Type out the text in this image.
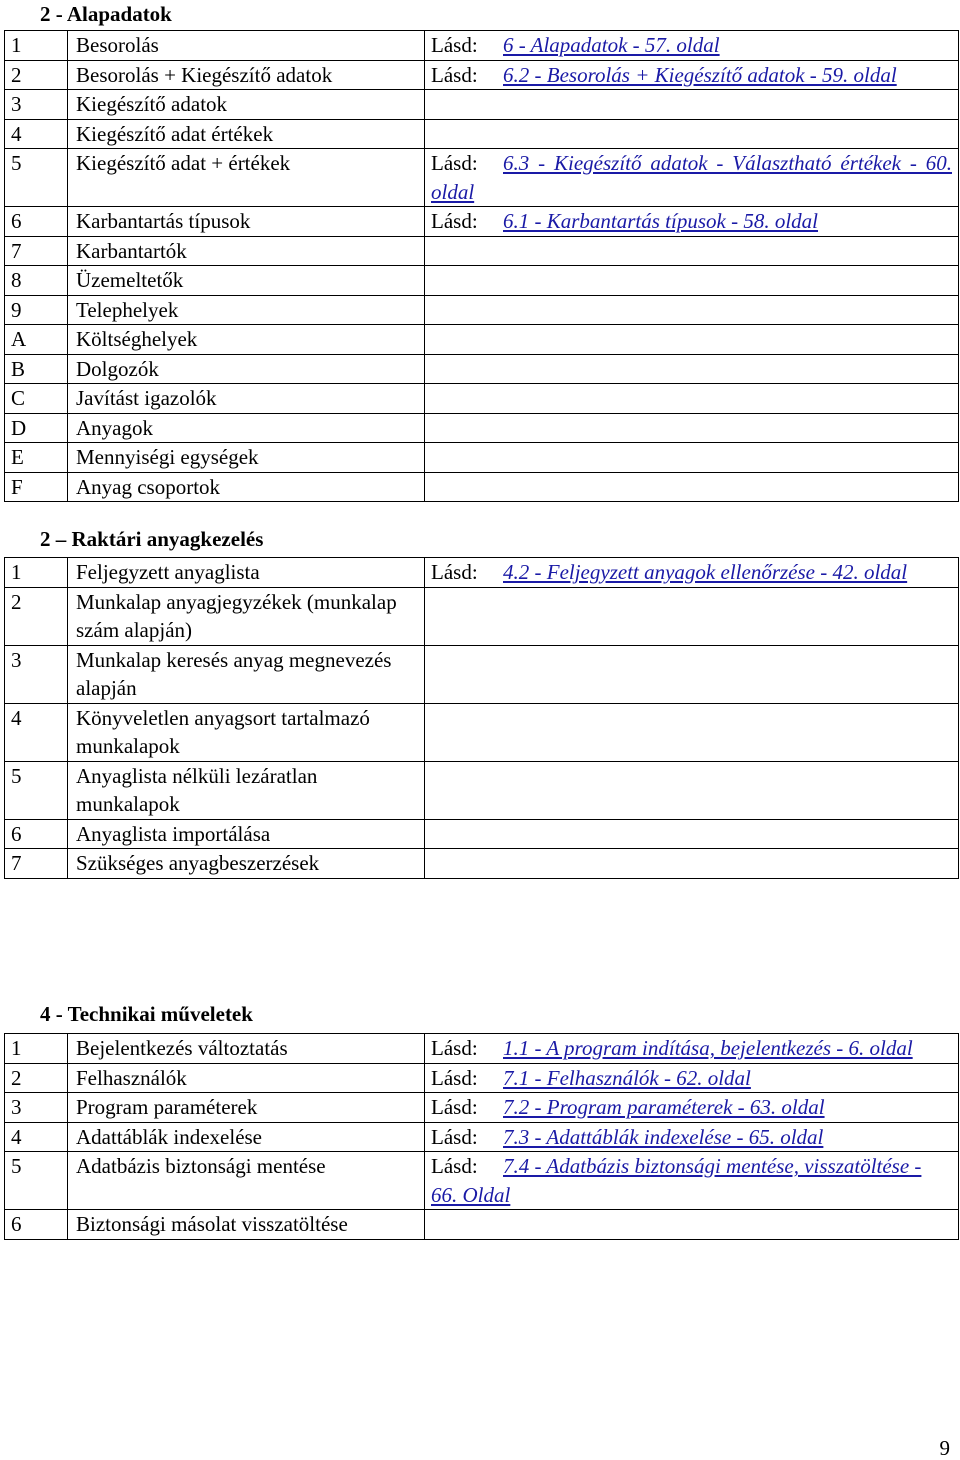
2 - Alapadatok
1	Besorolás	Lásd: 6 - Alapadatok - 57. oldal
2	Besorolás + Kiegészítő adatok	Lásd: 6.2 - Besorolás + Kiegészítő adatok - 59. oldal
3	Kiegészítő adatok	
4	Kiegészítő adat értékek	
5	Kiegészítő adat + értékek	Lásd: 6.3 - Kiegészítő adatok - Választható értékek - 60. oldal
6	Karbantartás típusok	Lásd: 6.1 - Karbantartás típusok - 58. oldal
7	Karbantartók	
8	Üzemeltetők	
9	Telephelyek	
A	Költséghelyek	
B	Dolgozók	
C	Javítást igazolók	
D	Anyagok	
E	Mennyiségi egységek	
F	Anyag csoportok	
2 – Raktári anyagkezelés
1	Feljegyzett anyaglista	Lásd: 4.2 - Feljegyzett anyagok ellenőrzése - 42. oldal
2	Munkalap anyagjegyzékek (munkalap szám alapján)	
3	Munkalap keresés anyag megnevezés alapján	
4	Könyveletlen anyagsort tartalmazó munkalapok	
5	Anyaglista nélküli lezáratlan munkalapok	
6	Anyaglista importálása	
7	Szükséges anyagbeszerzések	
4 - Technikai műveletek
1	Bejelentkezés változtatás	Lásd: 1.1 - A program indítása, bejelentkezés - 6. oldal
2	Felhasználók	Lásd: 7.1 - Felhasználók - 62. oldal
3	Program paraméterek	Lásd: 7.2 - Program paraméterek - 63. oldal
4	Adattáblák indexelése	Lásd: 7.3 - Adattáblák indexelése - 65. oldal
5	Adatbázis biztonsági mentése	Lásd: 7.4 - Adatbázis biztonsági mentése, visszatöltése - 66. Oldal
6	Biztonsági másolat visszatöltése	
9
